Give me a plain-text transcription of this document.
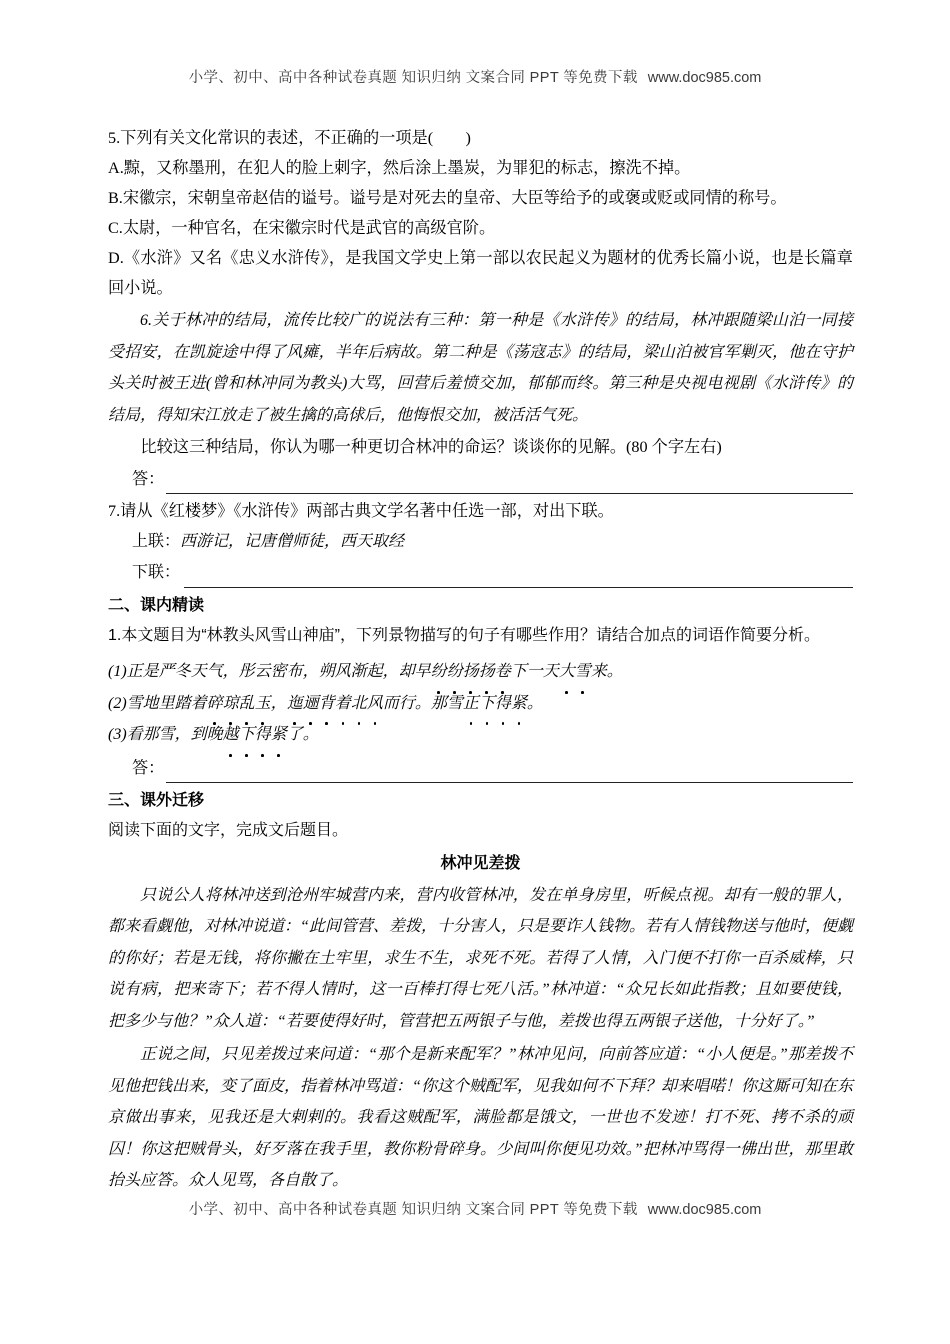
小学、初中、高中各种试卷真题 知识归纳 文案合同 PPT 等免费下载 www.doc985.com

5.下列有关文化常识的表述，不正确的一项是(　　)

A.黥，又称墨刑，在犯人的脸上刺字，然后涂上墨炭，为罪犯的标志，擦洗不掉。

B.宋徽宗，宋朝皇帝赵佶的谥号。谥号是对死去的皇帝、大臣等给予的或褒或贬或同情的称号。

C.太尉，一种官名，在宋徽宗时代是武官的高级官阶。

D.《水浒》又名《忠义水浒传》，是我国文学史上第一部以农民起义为题材的优秀长篇小说，也是长篇章回小说。

6.关于林冲的结局，流传比较广的说法有三种：第一种是《水浒传》的结局，林冲跟随梁山泊一同接受招安，在凯旋途中得了风瘫，半年后病故。第二种是《荡寇志》的结局，梁山泊被官军剿灭，他在守护头关时被王进(曾和林冲同为教头)大骂，回营后羞愤交加，郁郁而终。第三种是央视电视剧《水浒传》的结局，得知宋江放走了被生擒的高俅后，他悔恨交加，被活活气死。

比较这三种结局，你认为哪一种更切合林冲的命运？谈谈你的见解。(80 个字左右)

答：

7.请从《红楼梦》《水浒传》两部古典文学名著中任选一部，对出下联。

上联： 西游记，记唐僧师徒，西天取经
下联：

二、课内精读

1.本文题目为“林教头风雪山神庙”，下列景物描写的句子有哪些作用？请结合加点的词语作简要分析。

(1)正是严冬天气，彤云密布，朔风渐起，却早纷纷扬扬卷下一天大雪来。

(2)雪地里踏着碎琼乱玉，迤逦背着北风而行。那雪正下得紧。

(3)看那雪，到晚越下得紧了。

答：

三、课外迁移

阅读下面的文字，完成文后题目。

林冲见差拨

只说公人将林冲送到沧州牢城营内来，营内收管林冲，发在单身房里，听候点视。却有一般的罪人，都来看觑他，对林冲说道：“此间管营、差拨，十分害人，只是要诈人钱物。若有人情钱物送与他时，便觑的你好；若是无钱，将你撇在土牢里，求生不生，求死不死。若得了人情，入门便不打你一百杀威棒，只说有病，把来寄下；若不得人情时，这一百棒打得七死八活。”林冲道：“众兄长如此指教；且如要使钱，把多少与他？”众人道：“若要使得好时，管营把五两银子与他，差拨也得五两银子送他，十分好了。”

正说之间，只见差拨过来问道：“那个是新来配军？”林冲见问，向前答应道：“小人便是。”那差拨不见他把钱出来，变了面皮，指着林冲骂道：“你这个贼配军，见我如何不下拜？却来唱喏！你这厮可知在东京做出事来，见我还是大剌剌的。我看这贼配军，满脸都是饿文，一世也不发迹！打不死、拷不杀的顽囚！你这把贼骨头，好歹落在我手里，教你粉骨碎身。少间叫你便见功效。”把林冲骂得一佛出世，那里敢抬头应答。众人见骂，各自散了。

小学、初中、高中各种试卷真题 知识归纳 文案合同 PPT 等免费下载 www.doc985.com
